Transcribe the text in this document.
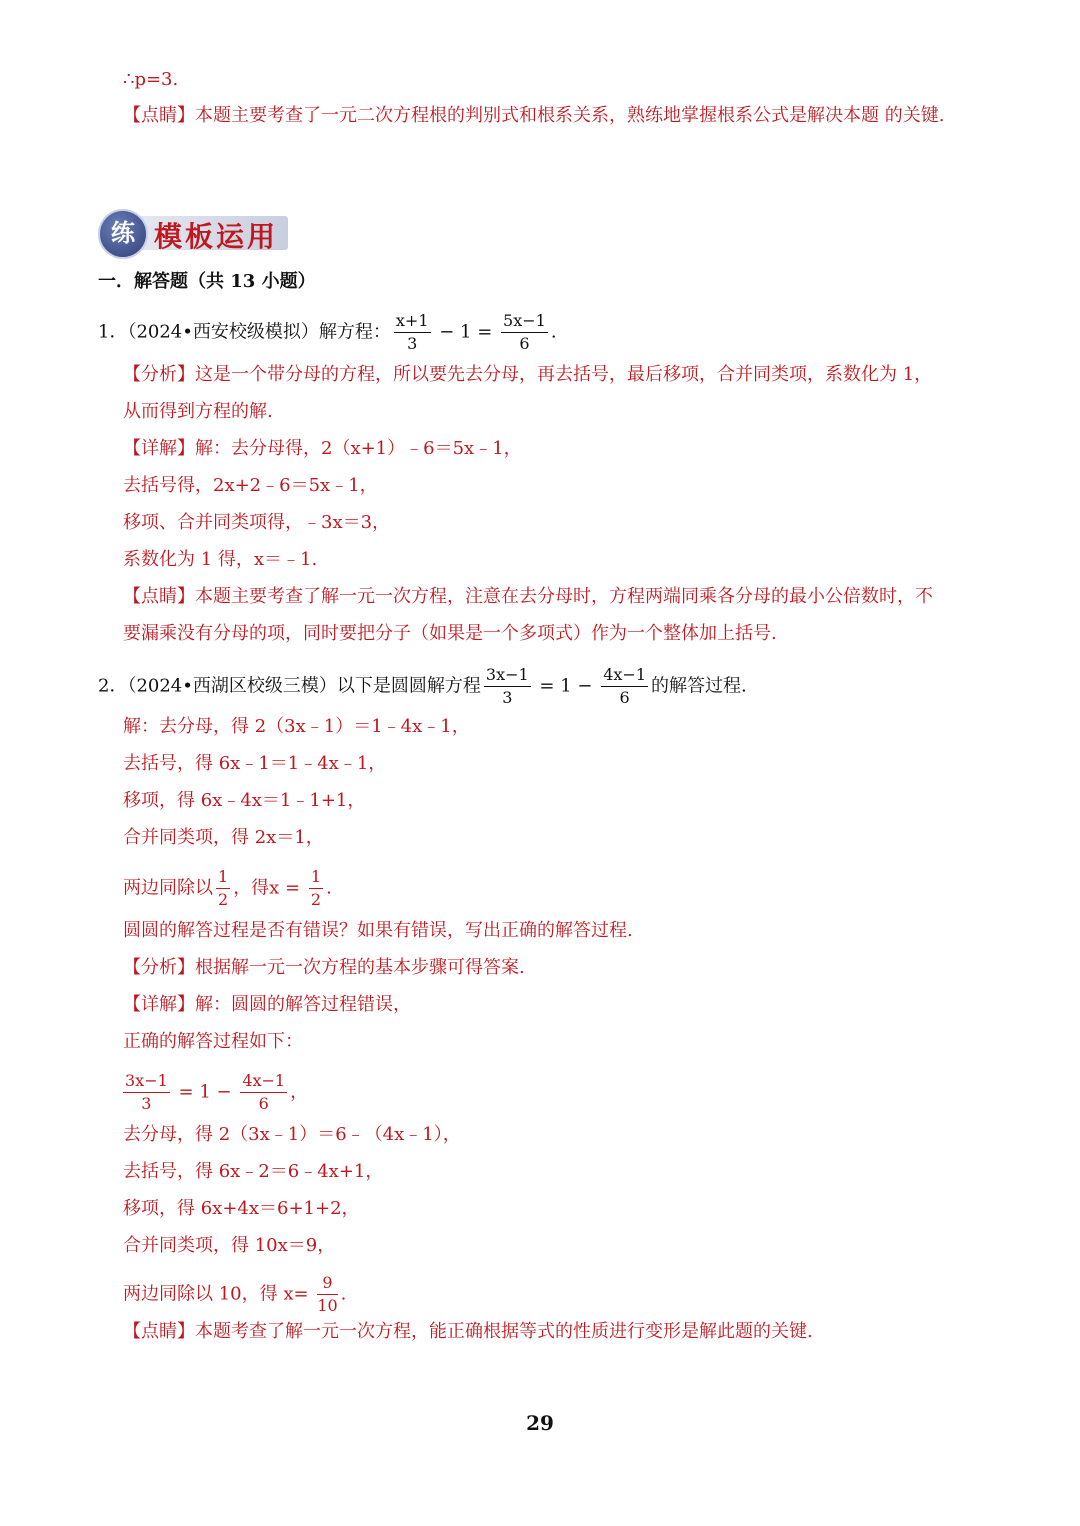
∴p=3.
【点睛】本题主要考查了一元二次方程根的判别式和根系关系，熟练地掌握根系公式是解决本题 的关键.
练 模板运用
一．解答题（共 13 小题）
1．（2024•西安校级模拟）解方程： $\frac{x+1}{3} - 1 = \frac{5x-1}{6}$ .
【分析】这是一个带分母的方程，所以要先去分母，再去括号，最后移项，合并同类项，系数化为 1，
从而得到方程的解.
【详解】解：去分母得，2（x+1）﹣6＝5x﹣1，
去括号得，2x+2﹣6＝5x﹣1，
移项、合并同类项得，﹣3x＝3，
系数化为 1 得，x＝﹣1.
【点睛】本题主要考查了解一元一次方程，注意在去分母时，方程两端同乘各分母的最小公倍数时，不
要漏乘没有分母的项，同时要把分子（如果是一个多项式）作为一个整体加上括号.
2．（2024•西湖区校级三模）以下是圆圆解方程 $\frac{3x-1}{3} = 1 - \frac{4x-1}{6}$ 的解答过程.
解：去分母，得 2（3x﹣1）＝1﹣4x﹣1，
去括号，得 6x﹣1＝1﹣4x﹣1，
移项，得 6x﹣4x＝1﹣1+1，
合并同类项，得 2x＝1，
两边同除以 $\frac{1}{2}$ ，得$x = \frac{1}{2}$ .
圆圆的解答过程是否有错误？如果有错误，写出正确的解答过程.
【分析】根据解一元一次方程的基本步骤可得答案.
【详解】解：圆圆的解答过程错误，
正确的解答过程如下：
$\frac{3x-1}{3} = 1 - \frac{4x-1}{6}$ ，
去分母，得 2（3x﹣1）＝6﹣（4x﹣1），
去括号，得 6x﹣2＝6﹣4x+1，
移项，得 6x+4x＝6+1+2，
合并同类项，得 10x＝9，
两边同除以 10，得 $x= \frac{9}{10}$ .
【点睛】本题考查了解一元一次方程，能正确根据等式的性质进行变形是解此题的关键.
29
